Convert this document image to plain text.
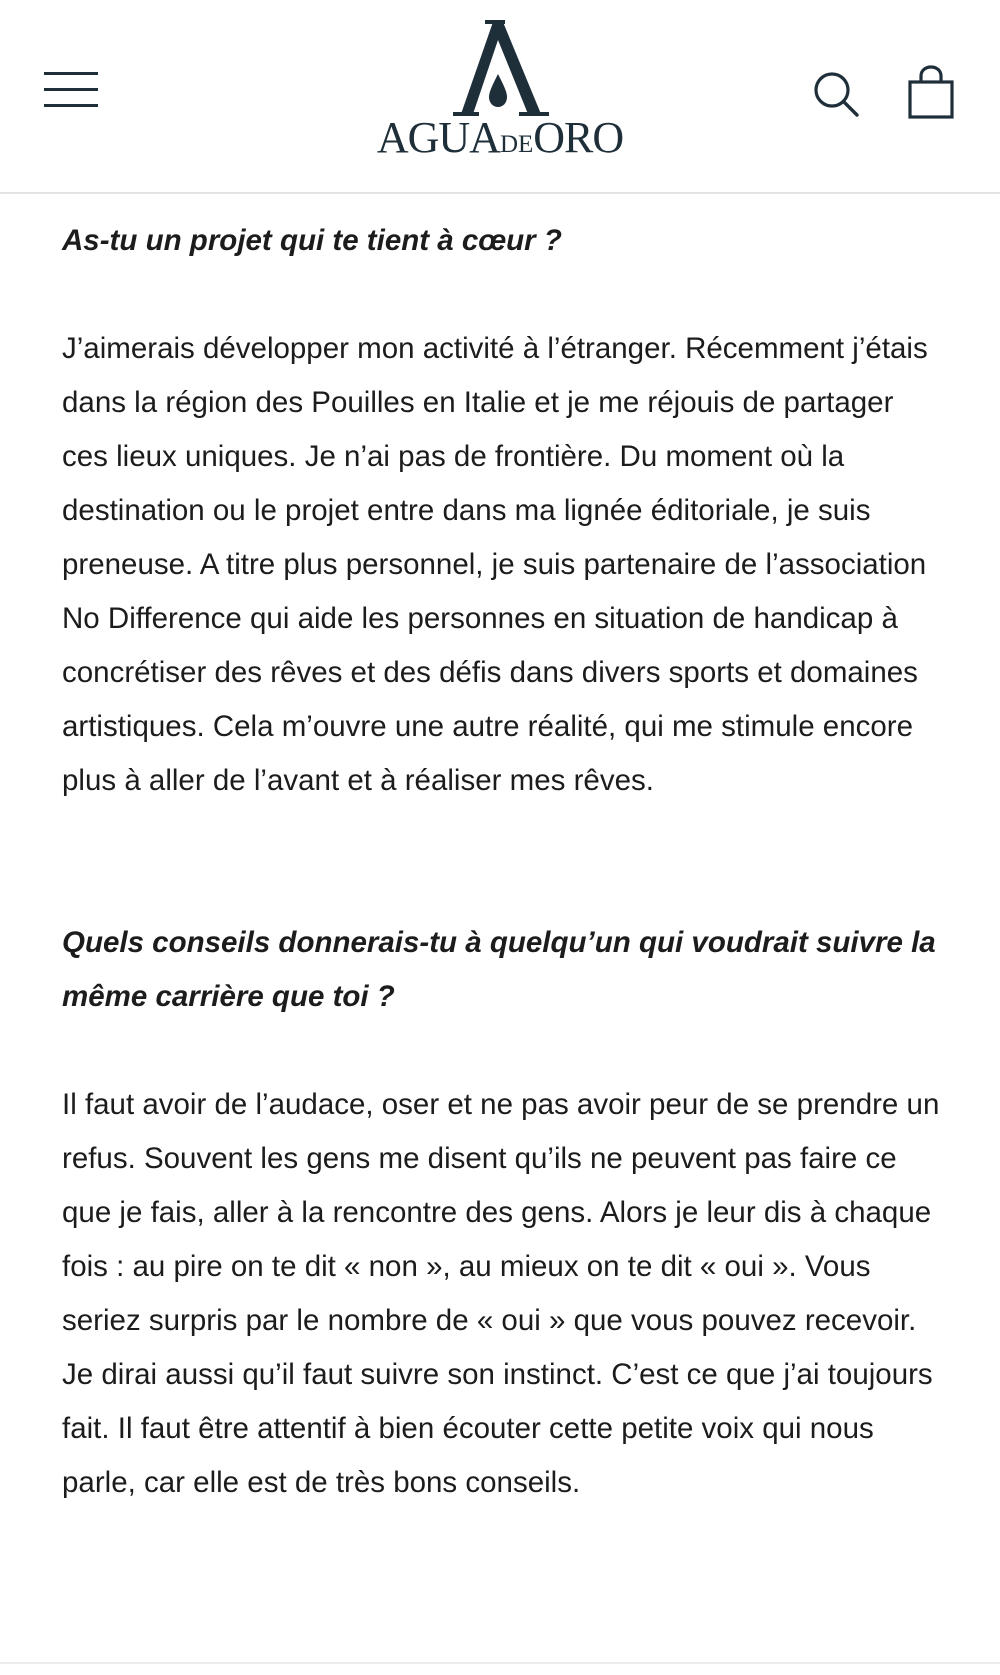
AGUADEORO

As-tu un projet qui te tient à cœur ?

J’aimerais développer mon activité à l’étranger. Récemment j’étais dans la région des Pouilles en Italie et je me réjouis de partager ces lieux uniques. Je n’ai pas de frontière. Du moment où la destination ou le projet entre dans ma lignée éditoriale, je suis preneuse. A titre plus personnel, je suis partenaire de l’association No Difference qui aide les personnes en situation de handicap à concrétiser des rêves et des défis dans divers sports et domaines artistiques. Cela m’ouvre une autre réalité, qui me stimule encore plus à aller de l’avant et à réaliser mes rêves.

Quels conseils donnerais-tu à quelqu’un qui voudrait suivre la même carrière que toi ?

Il faut avoir de l’audace, oser et ne pas avoir peur de se prendre un refus. Souvent les gens me disent qu’ils ne peuvent pas faire ce que je fais, aller à la rencontre des gens. Alors je leur dis à chaque fois : au pire on te dit « non », au mieux on te dit « oui ». Vous seriez surpris par le nombre de « oui » que vous pouvez recevoir. Je dirai aussi qu’il faut suivre son instinct. C’est ce que j’ai toujours fait. Il faut être attentif à bien écouter cette petite voix qui nous parle, car elle est de très bons conseils.
